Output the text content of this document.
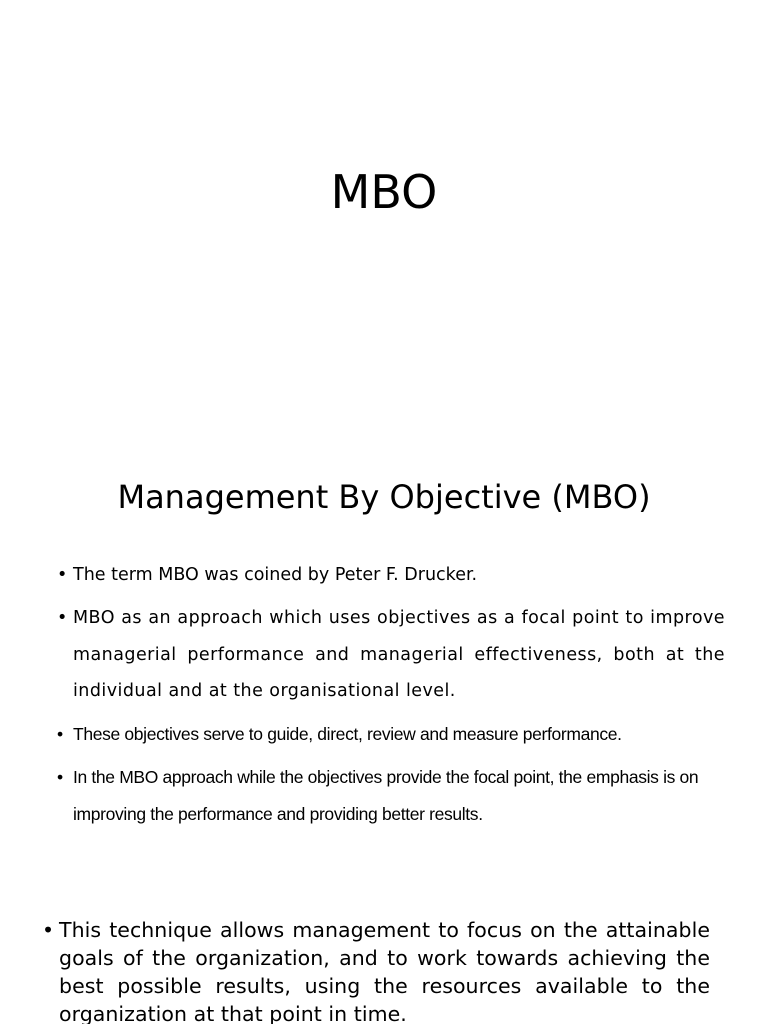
MBO
Management By Objective (MBO)
• The term MBO was coined by Peter F. Drucker.
• MBO as an approach which uses objectives as a focal point to improve managerial performance and managerial effectiveness, both at the individual and at the organisational level.
• These objectives serve to guide, direct, review and measure performance.
• In the MBO approach while the objectives provide the focal point, the emphasis is on improving the performance and providing better results.
• This technique allows management to focus on the attainable goals of the organization, and to work towards achieving the best possible results, using the resources available to the organization at that point in time.
